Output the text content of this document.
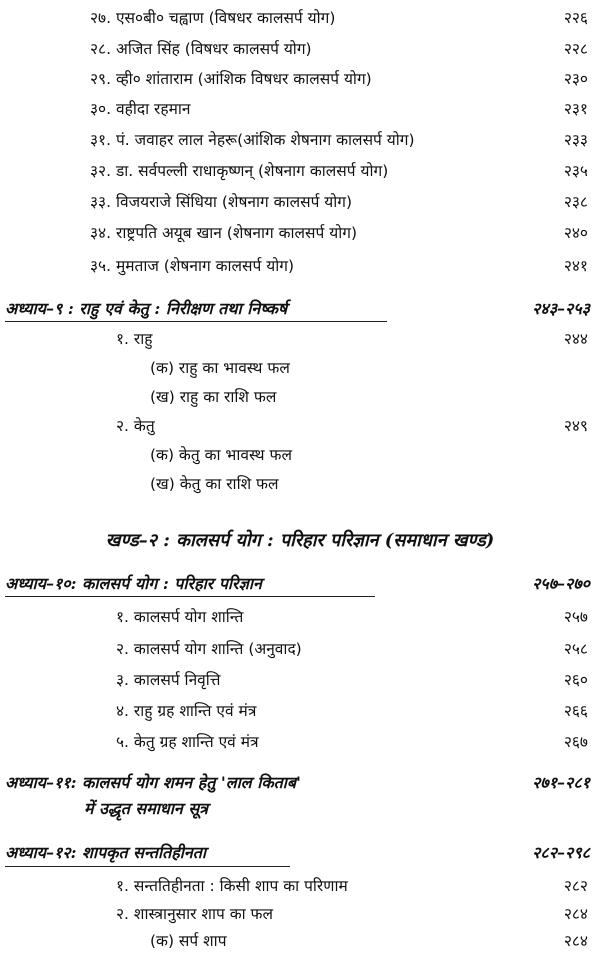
२७. एस०बी० चह्वाण (विषधर कालसर्प योग)	२२६
२८. अजित सिंह (विषधर कालसर्प योग)	२२८
२९. व्ही० शांताराम (आंशिक विषधर कालसर्प योग)	२३०
३०. वहीदा रहमान	२३१
३१. पं. जवाहर लाल नेहरू(आंशिक शेषनाग कालसर्प योग)	२३३
३२. डा. सर्वपल्ली राधाकृष्णन् (शेषनाग कालसर्प योग)	२३५
३३. विजयराजे सिंधिया (शेषनाग कालसर्प योग)	२३८
३४. राष्ट्रपति अयूब खान (शेषनाग कालसर्प योग)	२४०
३५. मुमताज (शेषनाग कालसर्प योग)	२४१
अध्याय–९ : राहु एवं केतु : निरीक्षण तथा निष्कर्ष	२४३–२५३
१. राहु	२४४
(क) राहु का भावस्थ फल
(ख) राहु का राशि फल
२. केतु	२४९
(क) केतु का भावस्थ फल
(ख) केतु का राशि फल
खण्ड–२ : कालसर्प योग : परिहार परिज्ञान (समाधान खण्ड)
अध्याय–१०: कालसर्प योग : परिहार परिज्ञान	२५७–२७०
१. कालसर्प योग शान्ति	२५७
२. कालसर्प योग शान्ति (अनुवाद)	२५८
३. कालसर्प निवृत्ति	२६०
४. राहु ग्रह शान्ति एवं मंत्र	२६६
५. केतु ग्रह शान्ति एवं मंत्र	२६७
अध्याय–११: कालसर्प योग शमन हेतु 'लाल किताब'	२७१–२८१
में उद्धृत समाधान सूत्र
अध्याय–१२: शापकृत सन्ततिहीनता	२८२–२९८
१. सन्ततिहीनता : किसी शाप का परिणाम	२८२
२. शास्त्रानुसार शाप का फल	२८४
(क) सर्प शाप	२८४
